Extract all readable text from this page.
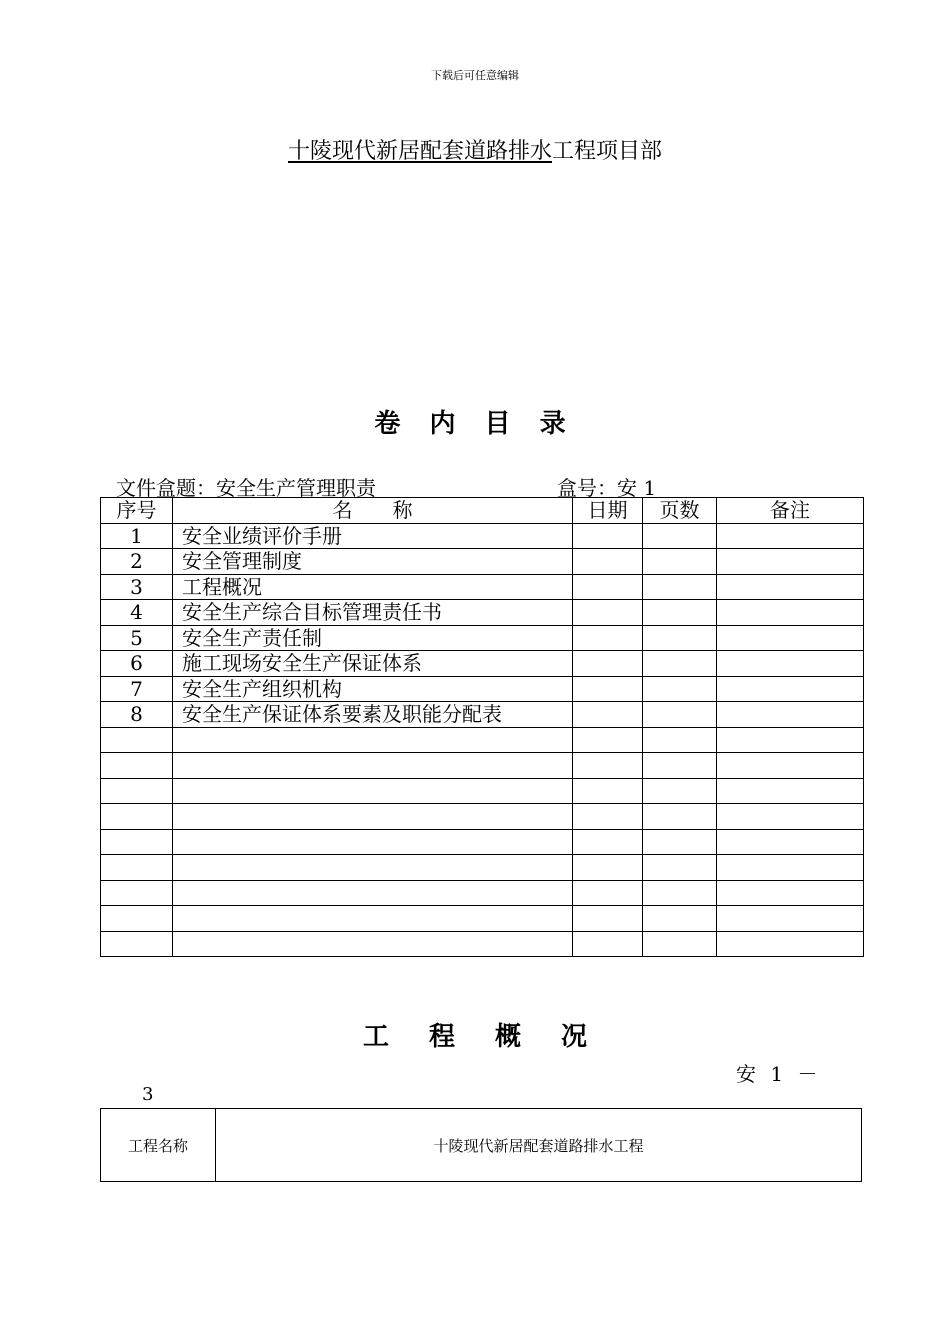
下载后可任意编辑
十陵现代新居配套道路排水工程项目部
卷 内 目 录
文件盒题：安全生产管理职责	盒号：安 1
序号	名　　称	日期	页数	备注
1	安全业绩评价手册			
2	安全管理制度			
3	工程概况			
4	安全生产综合目标管理责任书			
5	安全生产责任制			
6	施工现场安全生产保证体系			
7	安全生产组织机构			
8	安全生产保证体系要素及职能分配表			

工 程 概 况
安 1 －
3
工程名称	十陵现代新居配套道路排水工程
